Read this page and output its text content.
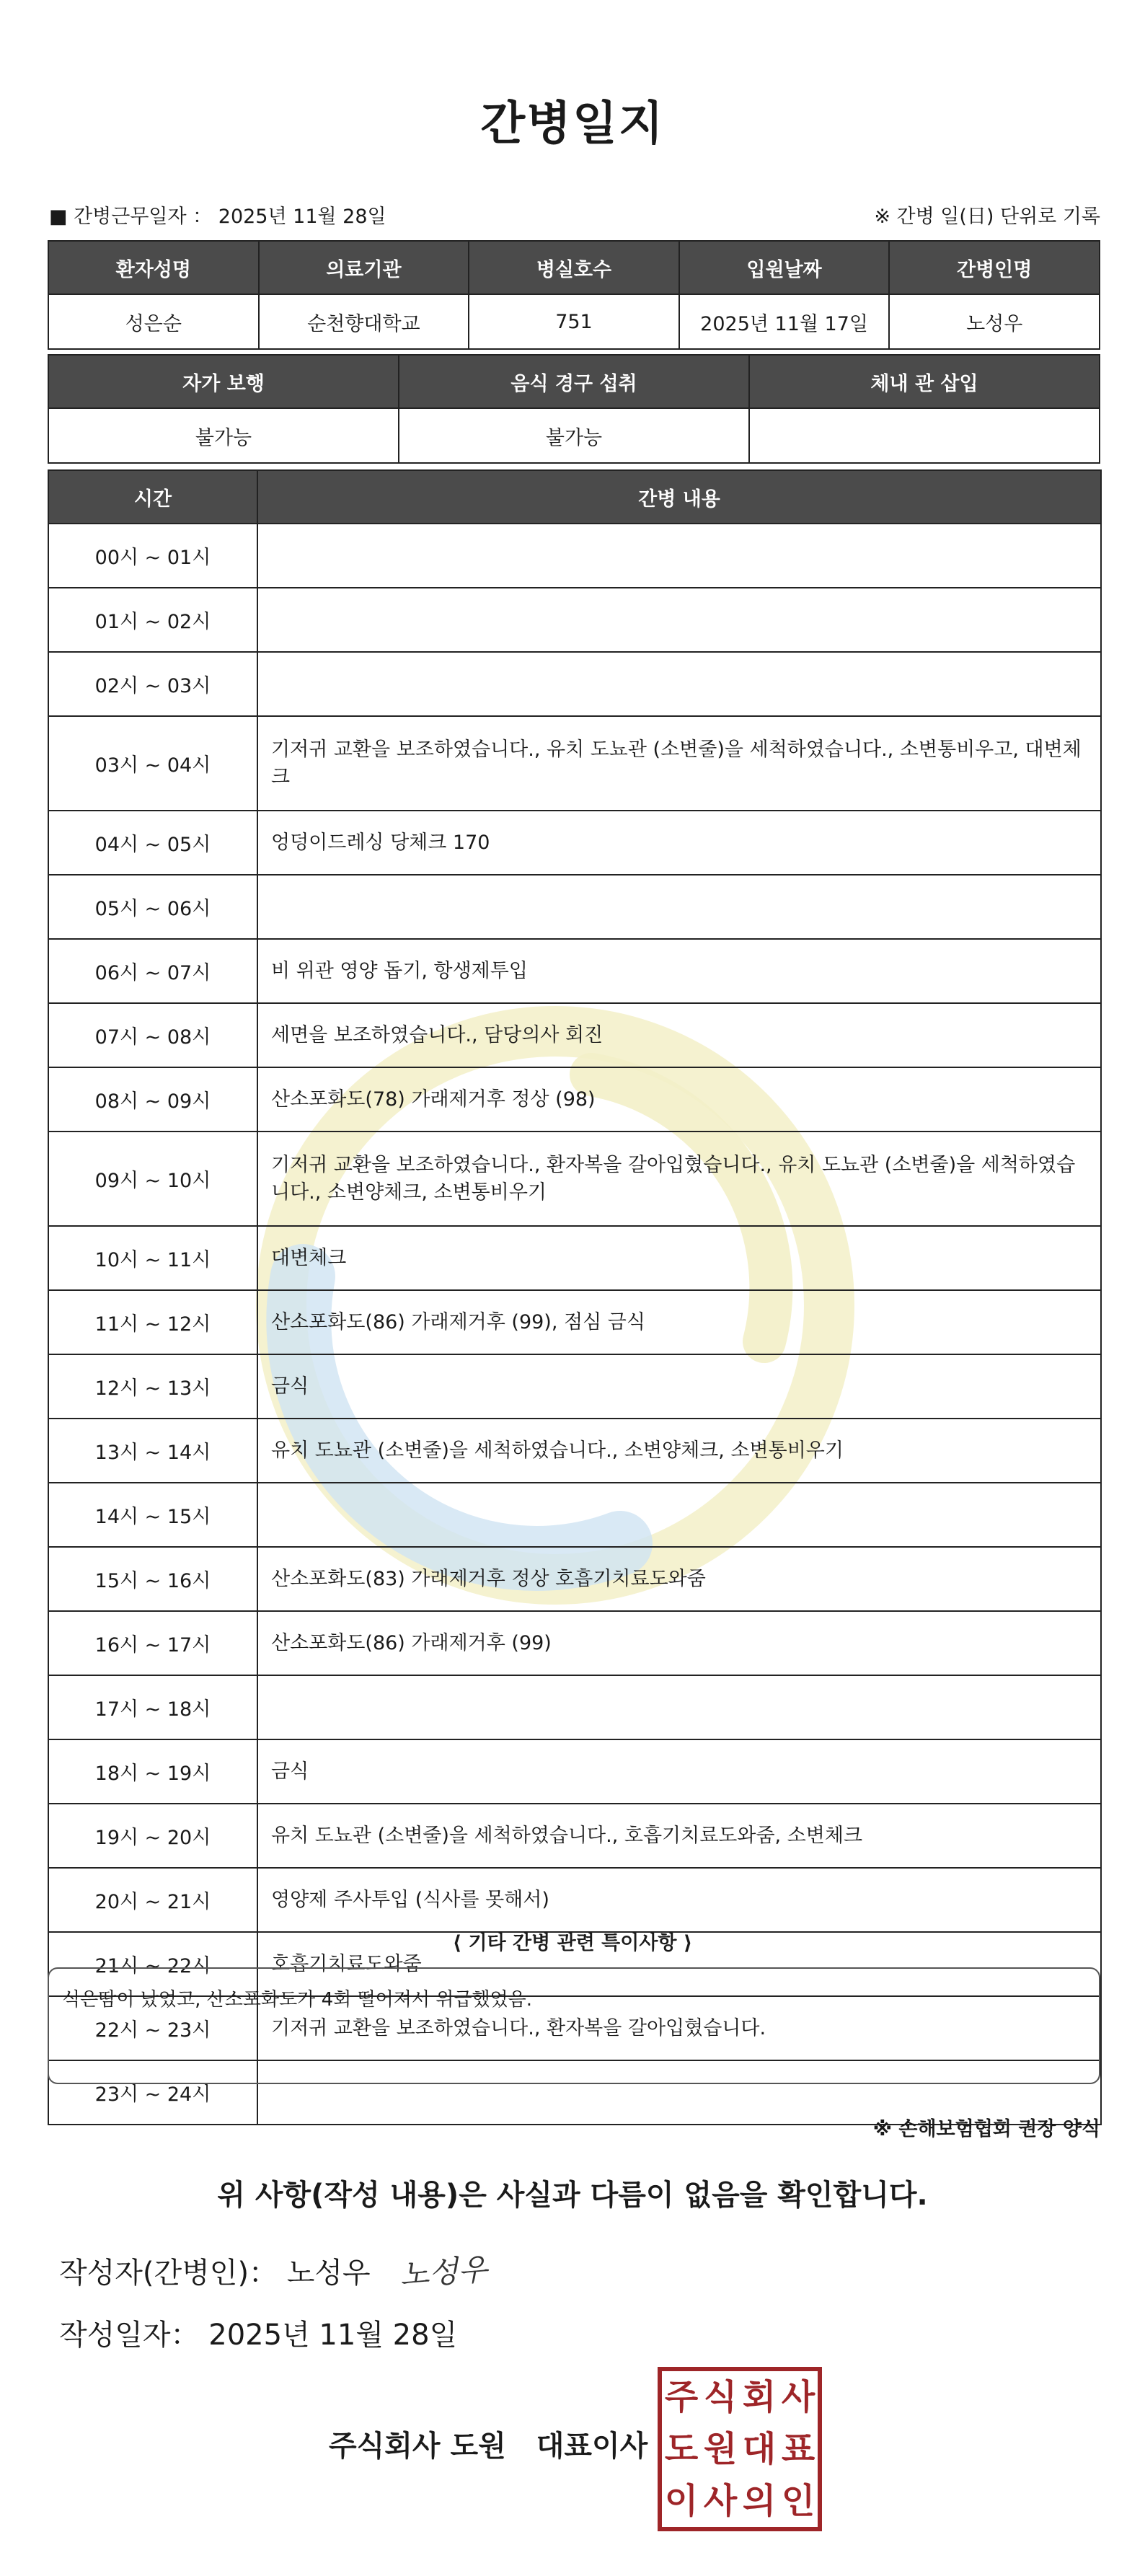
간병일지
■ 간병근무일자 ： 2025년 11월 28일	※ 간병 일(日) 단위로 기록
환자성명	의료기관	병실호수	입원날짜	간병인명
성은순	순천향대학교	751	2025년 11월 17일	노성우
자가 보행	음식 경구 섭취	체내 관 삽입
불가능	불가능	
시간	간병 내용
00시 ~ 01시	
01시 ~ 02시	
02시 ~ 03시	
03시 ~ 04시	기저귀 교환을 보조하였습니다., 유치 도뇨관 (소변줄)을 세척하였습니다., 소변통비우고, 대변체크
04시 ~ 05시	엉덩이드레싱 당체크 170
05시 ~ 06시	
06시 ~ 07시	비 위관 영양 돕기, 항생제투입
07시 ~ 08시	세면을 보조하였습니다., 담당의사 회진
08시 ~ 09시	산소포화도(78) 가래제거후 정상 (98)
09시 ~ 10시	기저귀 교환을 보조하였습니다., 환자복을 갈아입혔습니다., 유치 도뇨관 (소변줄)을 세척하였습니다., 소변양체크, 소변통비우기
10시 ~ 11시	대변체크
11시 ~ 12시	산소포화도(86) 가래제거후 (99), 점심 금식
12시 ~ 13시	금식
13시 ~ 14시	유치 도뇨관 (소변줄)을 세척하였습니다., 소변양체크, 소변통비우기
14시 ~ 15시	
15시 ~ 16시	산소포화도(83) 가래제거후 정상 호흡기치료도와줌
16시 ~ 17시	산소포화도(86) 가래제거후 (99)
17시 ~ 18시	
18시 ~ 19시	금식
19시 ~ 20시	유치 도뇨관 (소변줄)을 세척하였습니다., 호흡기치료도와줌, 소변체크
20시 ~ 21시	영양제 주사투입 (식사를 못해서)
21시 ~ 22시	호흡기치료도와줌
22시 ~ 23시	기저귀 교환을 보조하였습니다., 환자복을 갈아입혔습니다.
23시 ~ 24시	
⟨ 기타 간병 관련 특이사항 ⟩
식은땀이 났었고, 산소포화도가 4회 떨어져서 위급했었음.
※ 손해보험협회 권장 양식
위 사항(작성 내용)은 사실과 다름이 없음을 확인합니다.
작성자(간병인)： 노성우 노성우
작성일자： 2025년 11월 28일
주식회사 도원 대표이사
주 식 회 사
도 원 대 표
이 사 의 인
